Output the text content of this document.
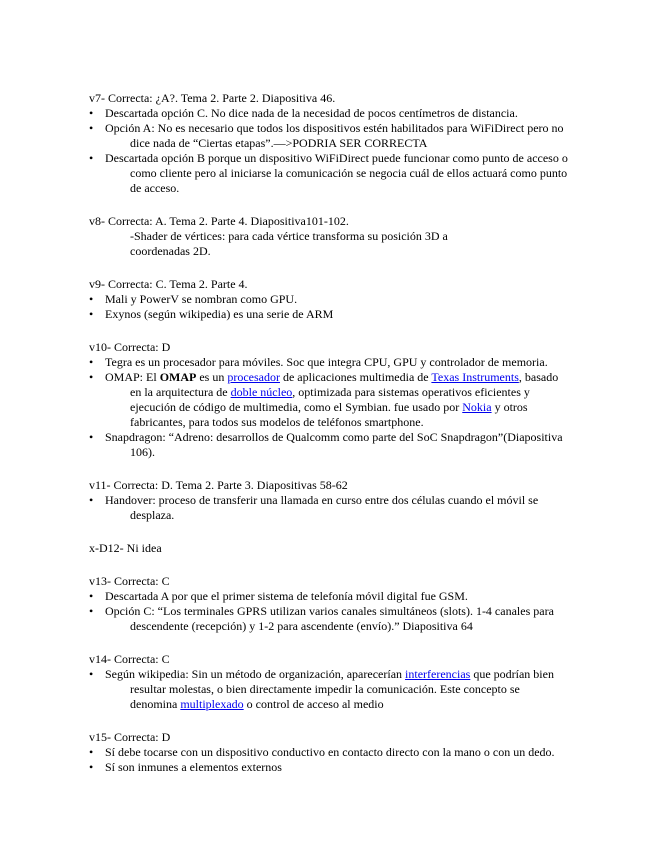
v7- Correcta: ¿A?. Tema 2. Parte 2. Diapositiva 46.

• Descartada opción C. No dice nada de la necesidad de pocos centímetros de distancia.
• Opción A: No es necesario que todos los dispositivos estén habilitados para WiFiDirect pero no dice nada de “Ciertas etapas”.—>PODRIA SER CORRECTA
• Descartada opción B porque un dispositivo WiFiDirect puede funcionar como punto de acceso o como cliente pero al iniciarse la comunicación se negocia cuál de ellos actuará como punto de acceso.

v8- Correcta: A. Tema 2. Parte 4. Diapositiva101-102.

-Shader de vértices: para cada vértice transforma su posición 3D a
coordenadas 2D.

v9- Correcta: C. Tema 2. Parte 4.

• Mali y PowerV se nombran como GPU.
• Exynos (según wikipedia) es una serie de ARM

v10- Correcta: D

• Tegra es un procesador para móviles. Soc que integra CPU, GPU y controlador de memoria.
• OMAP: El OMAP es un procesador de aplicaciones multimedia de Texas Instruments, basado en la arquitectura de doble núcleo, optimizada para sistemas operativos eficientes y ejecución de código de multimedia, como el Symbian. fue usado por Nokia y otros fabricantes, para todos sus modelos de teléfonos smartphone.
• Snapdragon: “Adreno: desarrollos de Qualcomm como parte del SoC Snapdragon”(Diapositiva 106).

v11- Correcta: D. Tema 2. Parte 3. Diapositivas 58-62

• Handover: proceso de transferir una llamada en curso entre dos células cuando el móvil se desplaza.

x-D12- Ni idea

v13- Correcta: C

• Descartada A por que el primer sistema de telefonía móvil digital fue GSM.
• Opción C: “Los terminales GPRS utilizan varios canales simultáneos (slots). 1-4 canales para descendente (recepción) y 1-2 para ascendente (envío).” Diapositiva 64

v14- Correcta: C

• Según wikipedia: Sin un método de organización, aparecerían interferencias que podrían bien resultar molestas, o bien directamente impedir la comunicación. Este concepto se denomina multiplexado o control de acceso al medio

v15- Correcta: D

• Sí debe tocarse con un dispositivo conductivo en contacto directo con la mano o con un dedo.
• Sí son inmunes a elementos externos
